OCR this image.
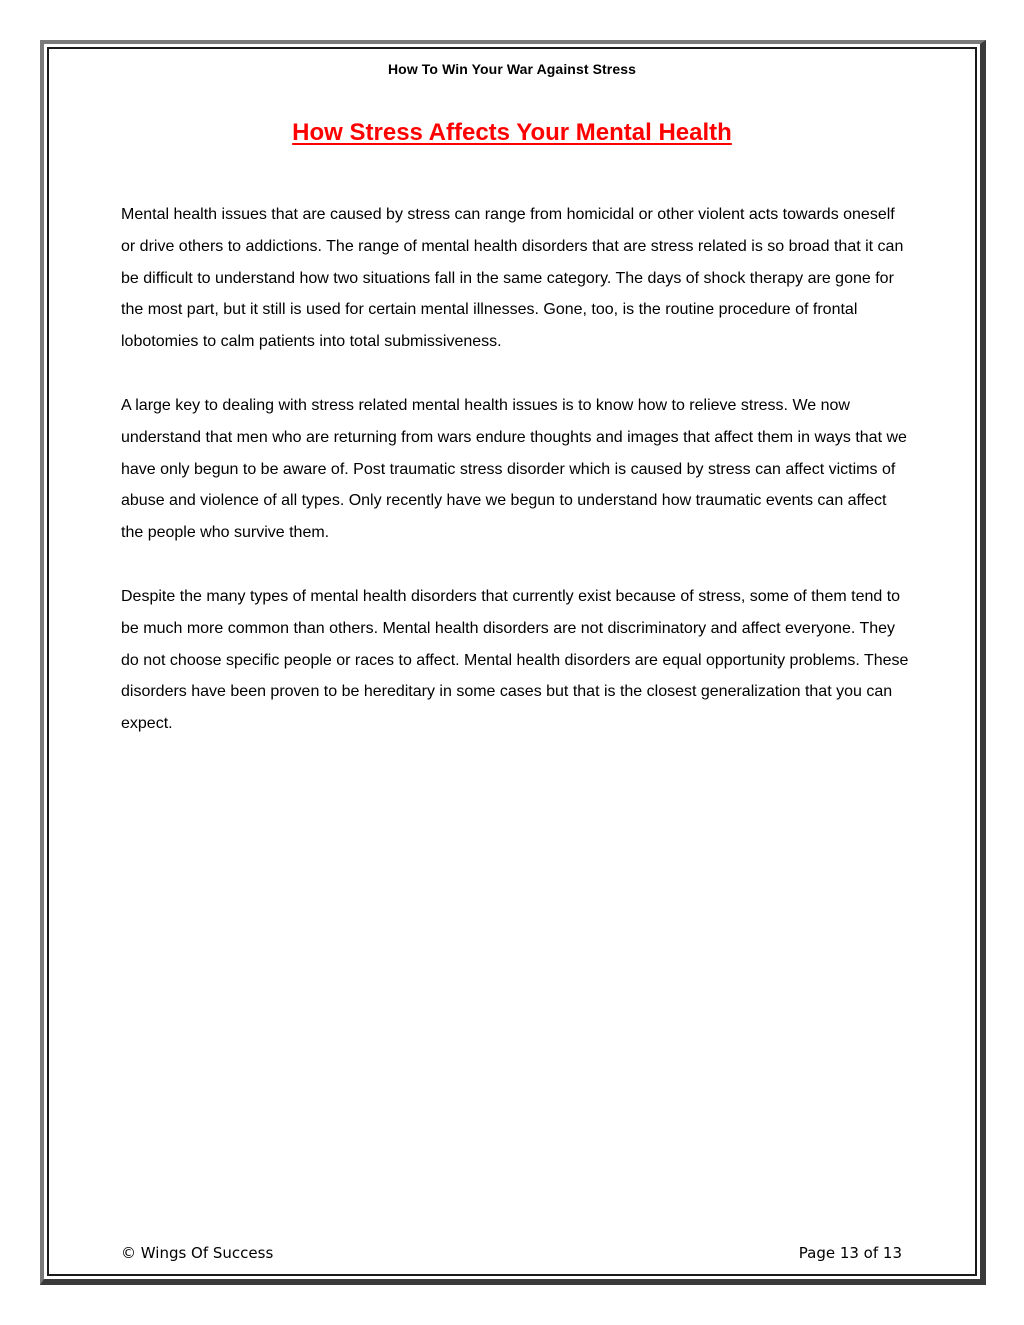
How To Win Your War Against Stress
How Stress Affects Your Mental Health

Mental health issues that are caused by stress can range from homicidal or other violent acts towards oneself or drive others to addictions. The range of mental health disorders that are stress related is so broad that it can be difficult to understand how two situations fall in the same category. The days of shock therapy are gone for the most part, but it still is used for certain mental illnesses. Gone, too, is the routine procedure of frontal lobotomies to calm patients into total submissiveness.

A large key to dealing with stress related mental health issues is to know how to relieve stress. We now understand that men who are returning from wars endure thoughts and images that affect them in ways that we have only begun to be aware of. Post traumatic stress disorder which is caused by stress can affect victims of abuse and violence of all types. Only recently have we begun to understand how traumatic events can affect the people who survive them.

Despite the many types of mental health disorders that currently exist because of stress, some of them tend to be much more common than others. Mental health disorders are not discriminatory and affect everyone. They do not choose specific people or races to affect. Mental health disorders are equal opportunity problems. These disorders have been proven to be hereditary in some cases but that is the closest generalization that you can expect.

© Wings Of Success	Page 13 of 13
